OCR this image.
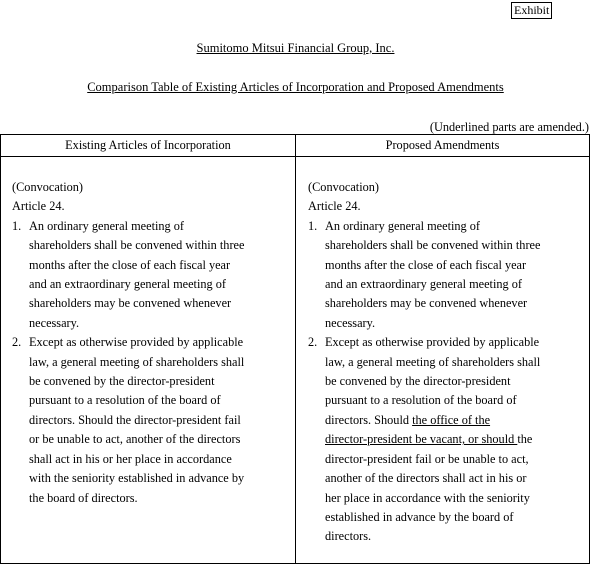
Exhibit
Sumitomo Mitsui Financial Group, Inc.
Comparison Table of Existing Articles of Incorporation and Proposed Amendments
(Underlined parts are amended.)
Existing Articles of Incorporation	Proposed Amendments
(Convocation)
Article 24.
1. An ordinary general meeting of
shareholders shall be convened within three
months after the close of each fiscal year
and an extraordinary general meeting of
shareholders may be convened whenever
necessary.
2. Except as otherwise provided by applicable
law, a general meeting of shareholders shall
be convened by the director-president
pursuant to a resolution of the board of
directors. Should the director-president fail
or be unable to act, another of the directors
shall act in his or her place in accordance
with the seniority established in advance by
the board of directors.
(Convocation)
Article 24.
1. An ordinary general meeting of
shareholders shall be convened within three
months after the close of each fiscal year
and an extraordinary general meeting of
shareholders may be convened whenever
necessary.
2. Except as otherwise provided by applicable
law, a general meeting of shareholders shall
be convened by the director-president
pursuant to a resolution of the board of
directors. Should the office of the
director-president be vacant, or should the
director-president fail or be unable to act,
another of the directors shall act in his or
her place in accordance with the seniority
established in advance by the board of
directors.
